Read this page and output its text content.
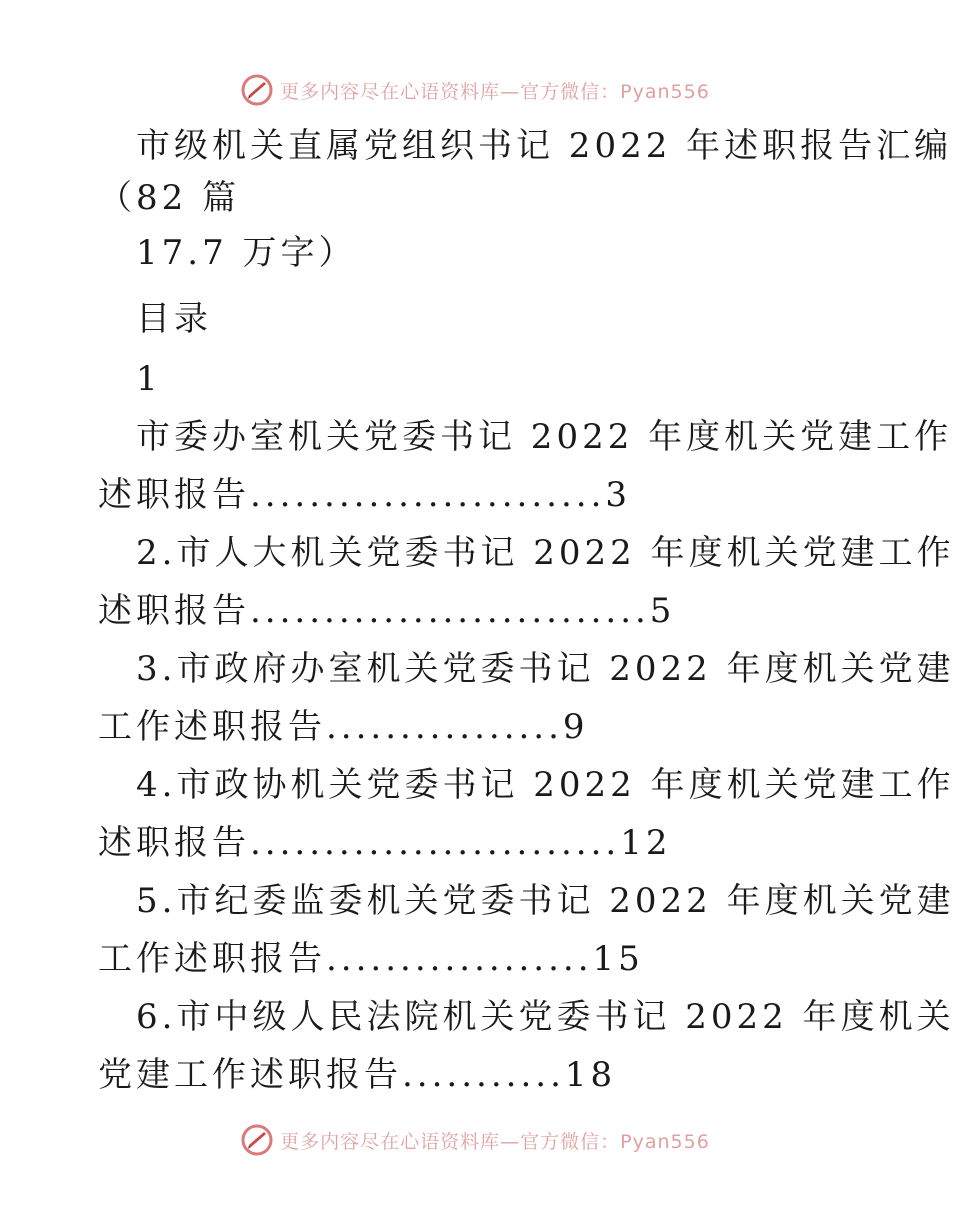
更多内容尽在心语资料库—官方微信：Pyan556
市级机关直属党组织书记 2022 年述职报告汇编
（82 篇
17.7 万字）
目录
1
市委办室机关党委书记 2022 年度机关党建工作
述职报告........................3
2.市人大机关党委书记 2022 年度机关党建工作
述职报告...........................5
3.市政府办室机关党委书记 2022 年度机关党建
工作述职报告................9
4.市政协机关党委书记 2022 年度机关党建工作
述职报告.........................12
5.市纪委监委机关党委书记 2022 年度机关党建
工作述职报告..................15
6.市中级人民法院机关党委书记 2022 年度机关
党建工作述职报告...........18
更多内容尽在心语资料库—官方微信：Pyan556
